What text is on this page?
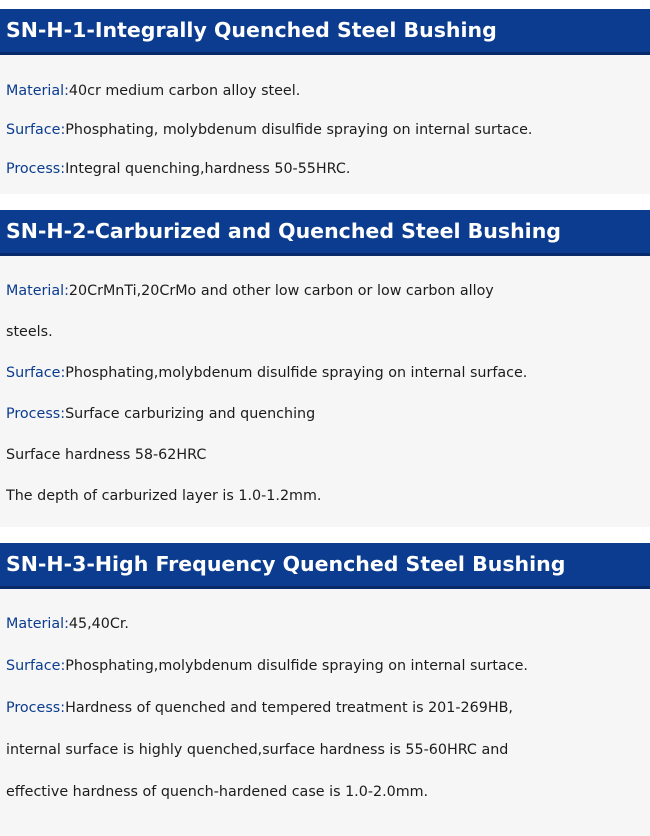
SN-H-1-Integrally Quenched Steel Bushing
Material:40cr medium carbon alloy steel.
Surface:Phosphating, molybdenum disulfide spraying on internal surtace.
Process:Integral quenching,hardness 50-55HRC.
SN-H-2-Carburized and Quenched Steel Bushing
Material:20CrMnTi,20CrMo and other low carbon or low carbon alloy
steels.
Surface:Phosphating,molybdenum disulfide spraying on internal surface.
Process:Surface carburizing and quenching
Surface hardness 58-62HRC
The depth of carburized layer is 1.0-1.2mm.
SN-H-3-High Frequency Quenched Steel Bushing
Material:45,40Cr.
Surface:Phosphating,molybdenum disulfide spraying on internal surtace.
Process:Hardness of quenched and tempered treatment is 201-269HB,
internal surface is highly quenched,surface hardness is 55-60HRC and
effective hardness of quench-hardened case is 1.0-2.0mm.
